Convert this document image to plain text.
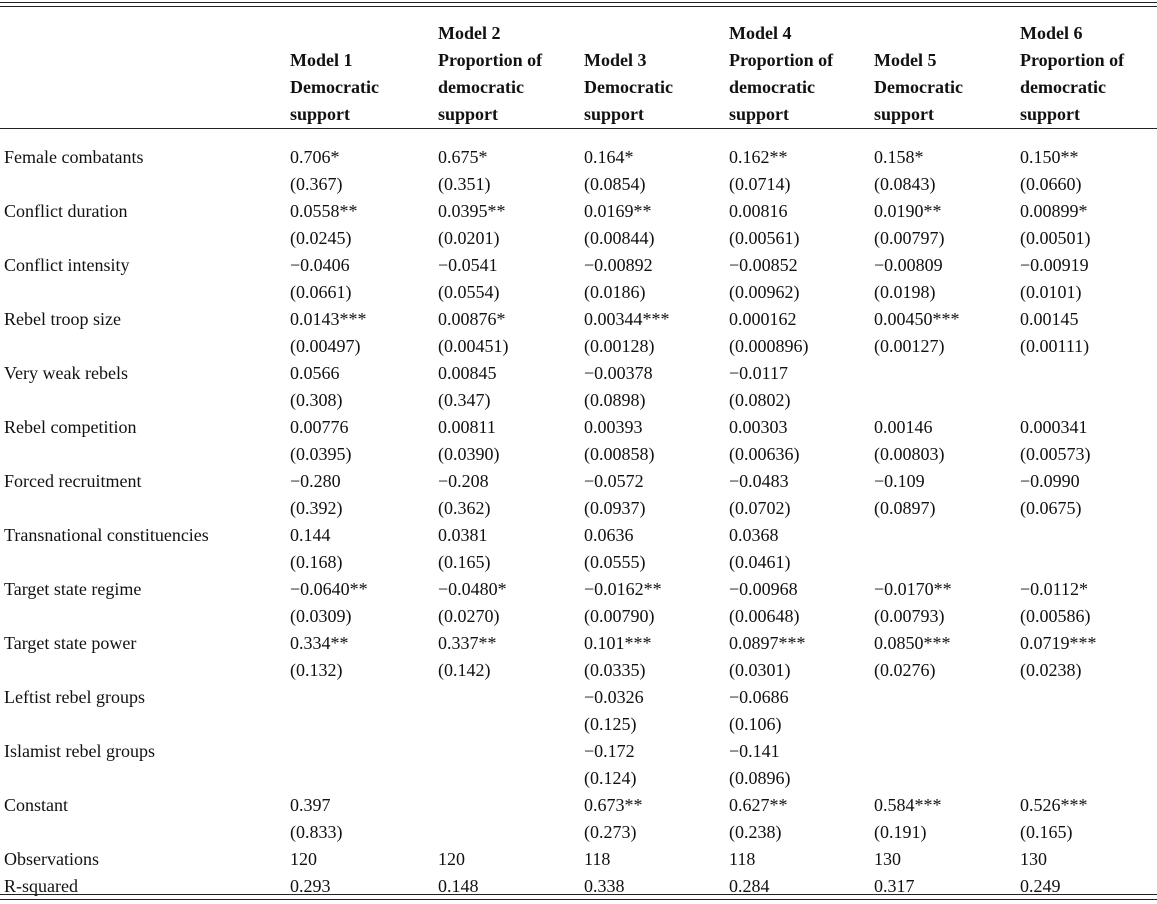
	Model 1
Democratic
support	Model 2
Proportion of
democratic
support	Model 3
Democratic
support	Model 4
Proportion of
democratic
support	Model 5
Democratic
support	Model 6
Proportion of
democratic
support

Female combatants	0.706*	0.675*	0.164*	0.162**	0.158*	0.150**
	(0.367)	(0.351)	(0.0854)	(0.0714)	(0.0843)	(0.0660)
Conflict duration	0.0558**	0.0395**	0.0169**	0.00816	0.0190**	0.00899*
	(0.0245)	(0.0201)	(0.00844)	(0.00561)	(0.00797)	(0.00501)
Conflict intensity	−0.0406	−0.0541	−0.00892	−0.00852	−0.00809	−0.00919
	(0.0661)	(0.0554)	(0.0186)	(0.00962)	(0.0198)	(0.0101)
Rebel troop size	0.0143***	0.00876*	0.00344***	0.000162	0.00450***	0.00145
	(0.00497)	(0.00451)	(0.00128)	(0.000896)	(0.00127)	(0.00111)
Very weak rebels	0.0566	0.00845	−0.00378	−0.0117		
	(0.308)	(0.347)	(0.0898)	(0.0802)		
Rebel competition	0.00776	0.00811	0.00393	0.00303	0.00146	0.000341
	(0.0395)	(0.0390)	(0.00858)	(0.00636)	(0.00803)	(0.00573)
Forced recruitment	−0.280	−0.208	−0.0572	−0.0483	−0.109	−0.0990
	(0.392)	(0.362)	(0.0937)	(0.0702)	(0.0897)	(0.0675)
Transnational constituencies	0.144	0.0381	0.0636	0.0368		
	(0.168)	(0.165)	(0.0555)	(0.0461)		
Target state regime	−0.0640**	−0.0480*	−0.0162**	−0.00968	−0.0170**	−0.0112*
	(0.0309)	(0.0270)	(0.00790)	(0.00648)	(0.00793)	(0.00586)
Target state power	0.334**	0.337**	0.101***	0.0897***	0.0850***	0.0719***
	(0.132)	(0.142)	(0.0335)	(0.0301)	(0.0276)	(0.0238)
Leftist rebel groups			−0.0326	−0.0686		
			(0.125)	(0.106)		
Islamist rebel groups			−0.172	−0.141		
			(0.124)	(0.0896)		
Constant	0.397		0.673**	0.627**	0.584***	0.526***
	(0.833)		(0.273)	(0.238)	(0.191)	(0.165)
Observations	120	120	118	118	130	130
R-squared	0.293	0.148	0.338	0.284	0.317	0.249
